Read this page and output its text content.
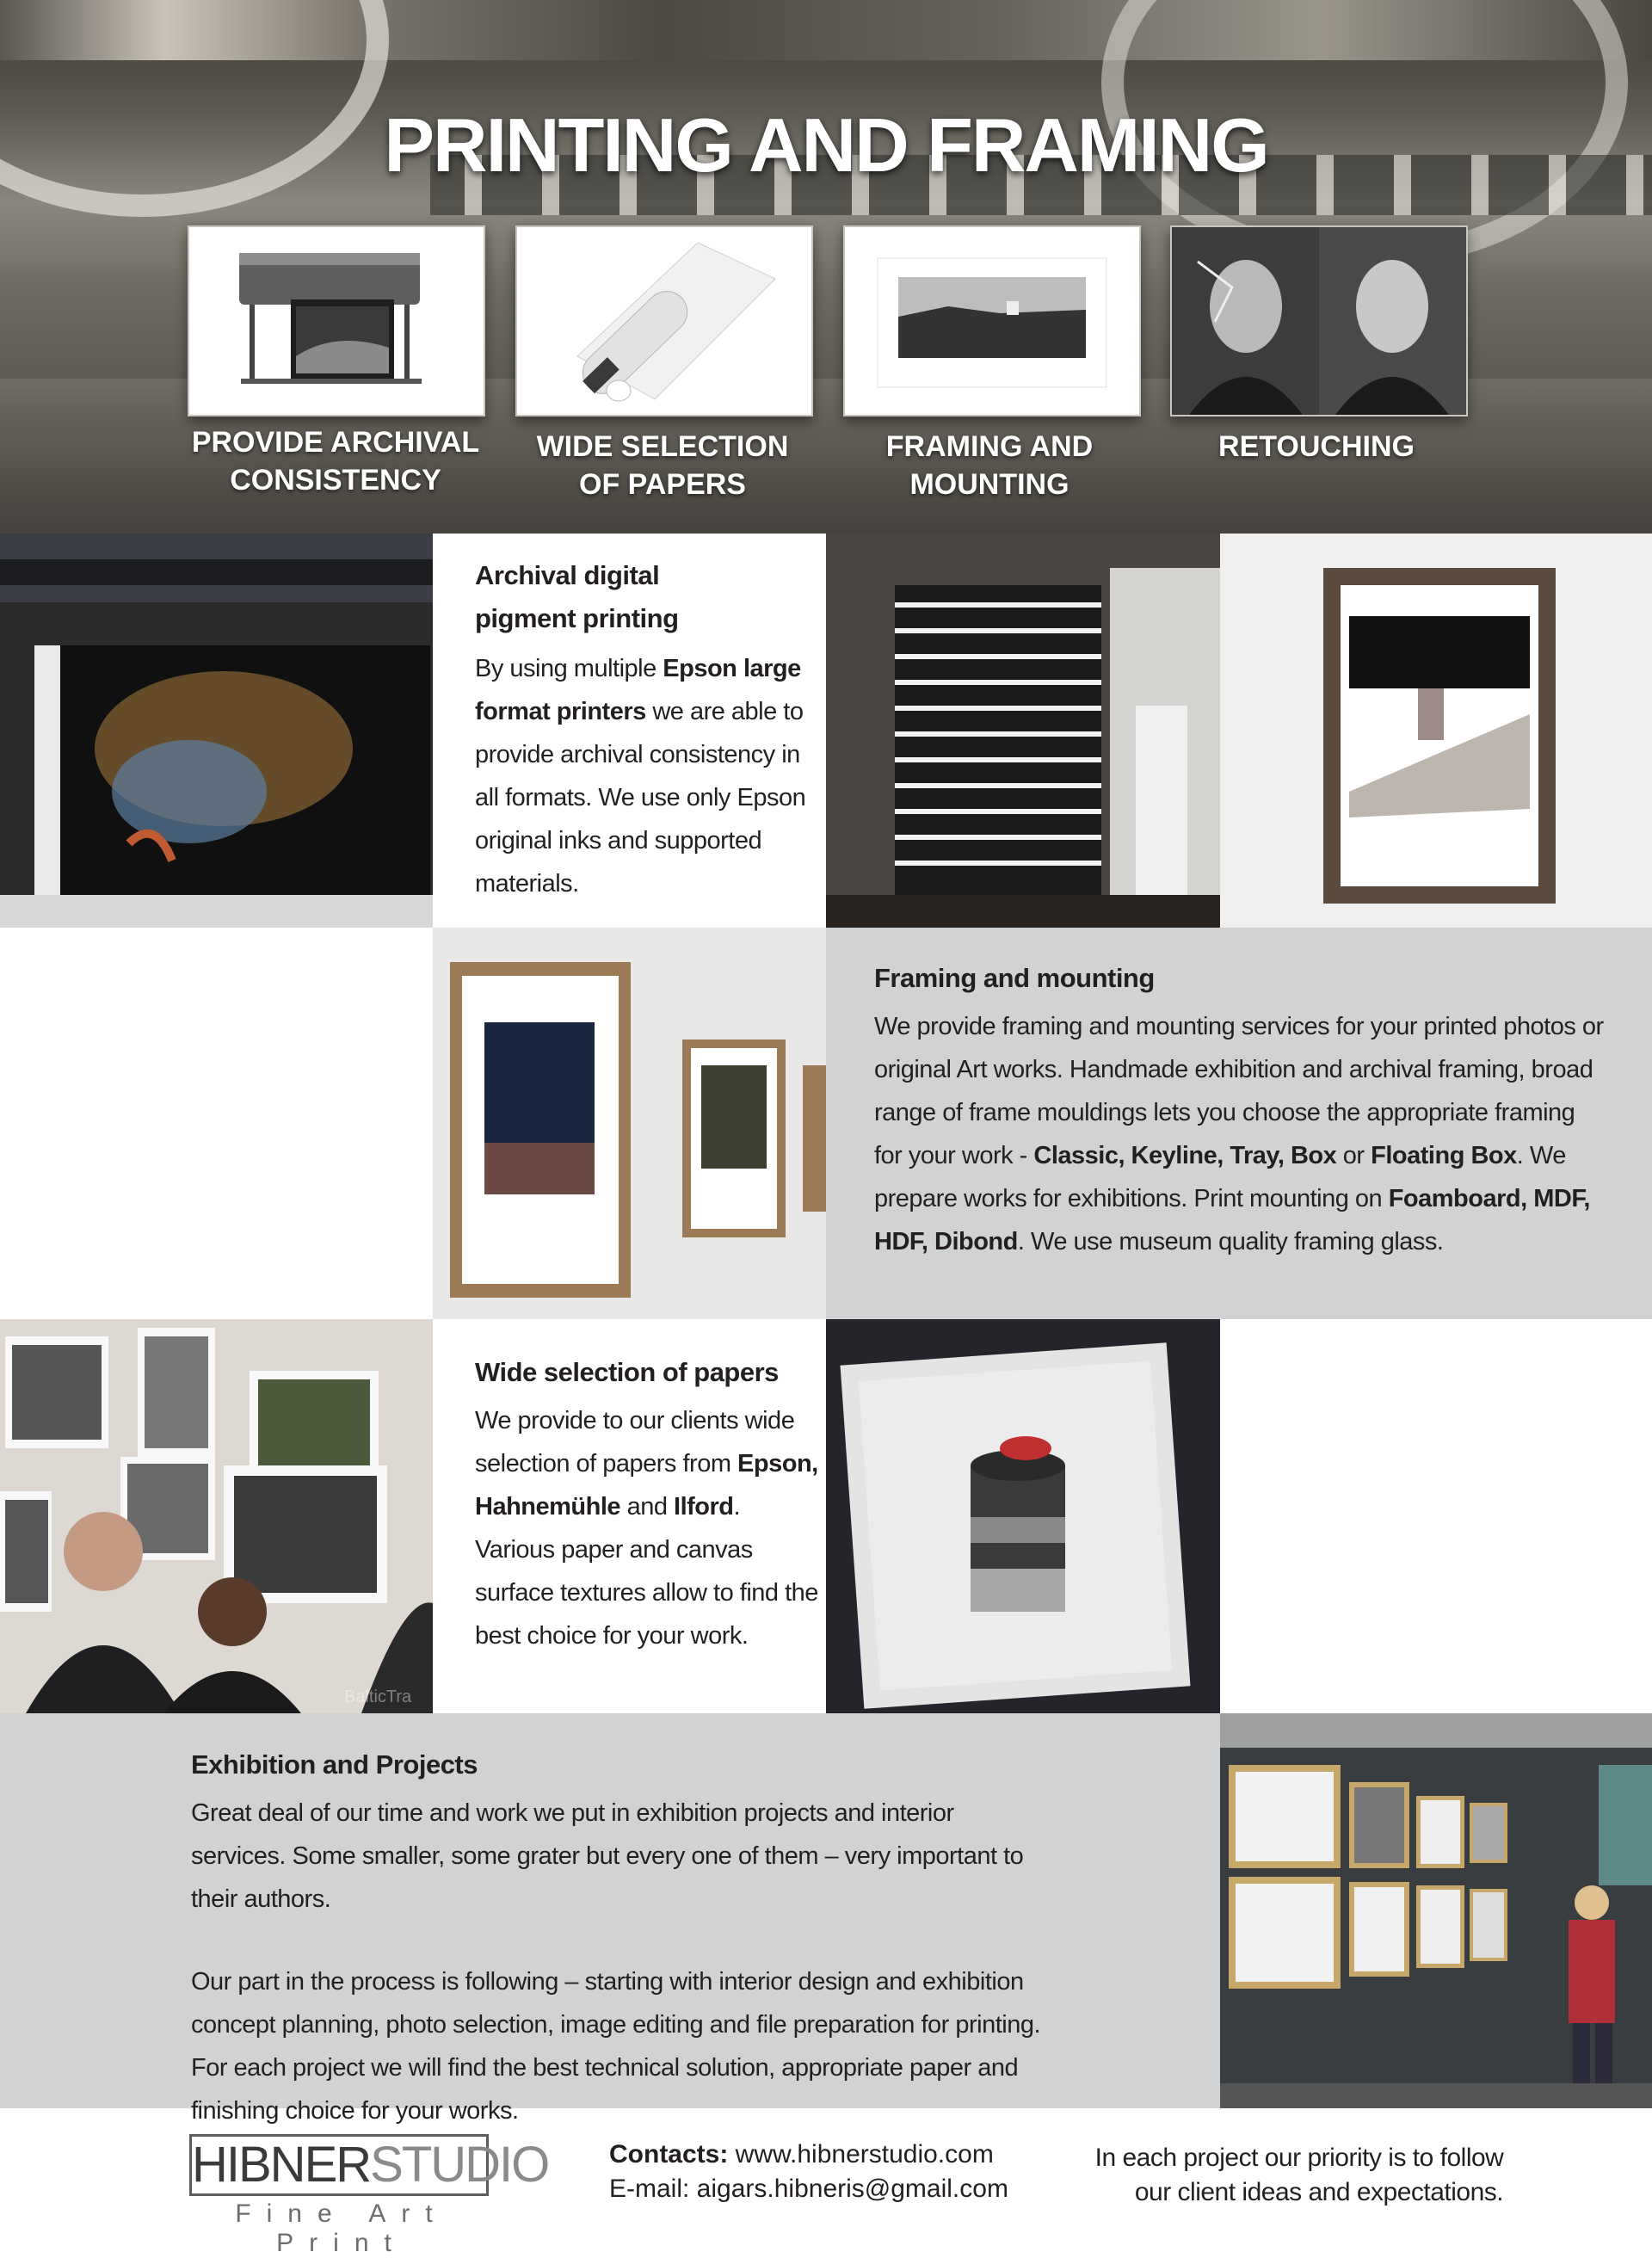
PRINTING AND FRAMING
PROVIDE ARCHIVAL
CONSISTENCY
WIDE SELECTION
OF PAPERS
FRAMING AND
MOUNTING
RETOUCHING
Archival digital
pigment printing
By using multiple Epson large format printers we are able to provide archival consistency in all formats. We use only Epson original inks and supported materials.
Framing and mounting
We provide framing and mounting services for your printed photos or original Art works. Handmade exhibition and archival framing, broad range of frame mouldings lets you choose the appropriate framing for your work - Classic, Keyline, Tray, Box or Floating Box. We prepare works for exhibitions. Print mounting on Foamboard, MDF, HDF, Dibond. We use museum quality framing glass.
BalticTra
Wide selection of papers
We provide to our clients wide selection of papers from Epson, Hahnemühle and Ilford. Various paper and canvas surface textures allow to find the best choice for your work.
Exhibition and Projects
Great deal of our time and work we put in exhibition projects and interior services. Some smaller, some grater but every one of them – very important to their authors.
Our part in the process is following – starting with interior design and exhibition concept planning, photo selection, image editing and file preparation for printing. For each project we will find the best technical solution, appropriate paper and finishing choice for your works.
HIBNERSTUDIO
Fine Art Print
Contacts: www.hibnerstudio.com
E-mail: aigars.hibneris@gmail.com
In each project our priority is to follow
our client ideas and expectations.
